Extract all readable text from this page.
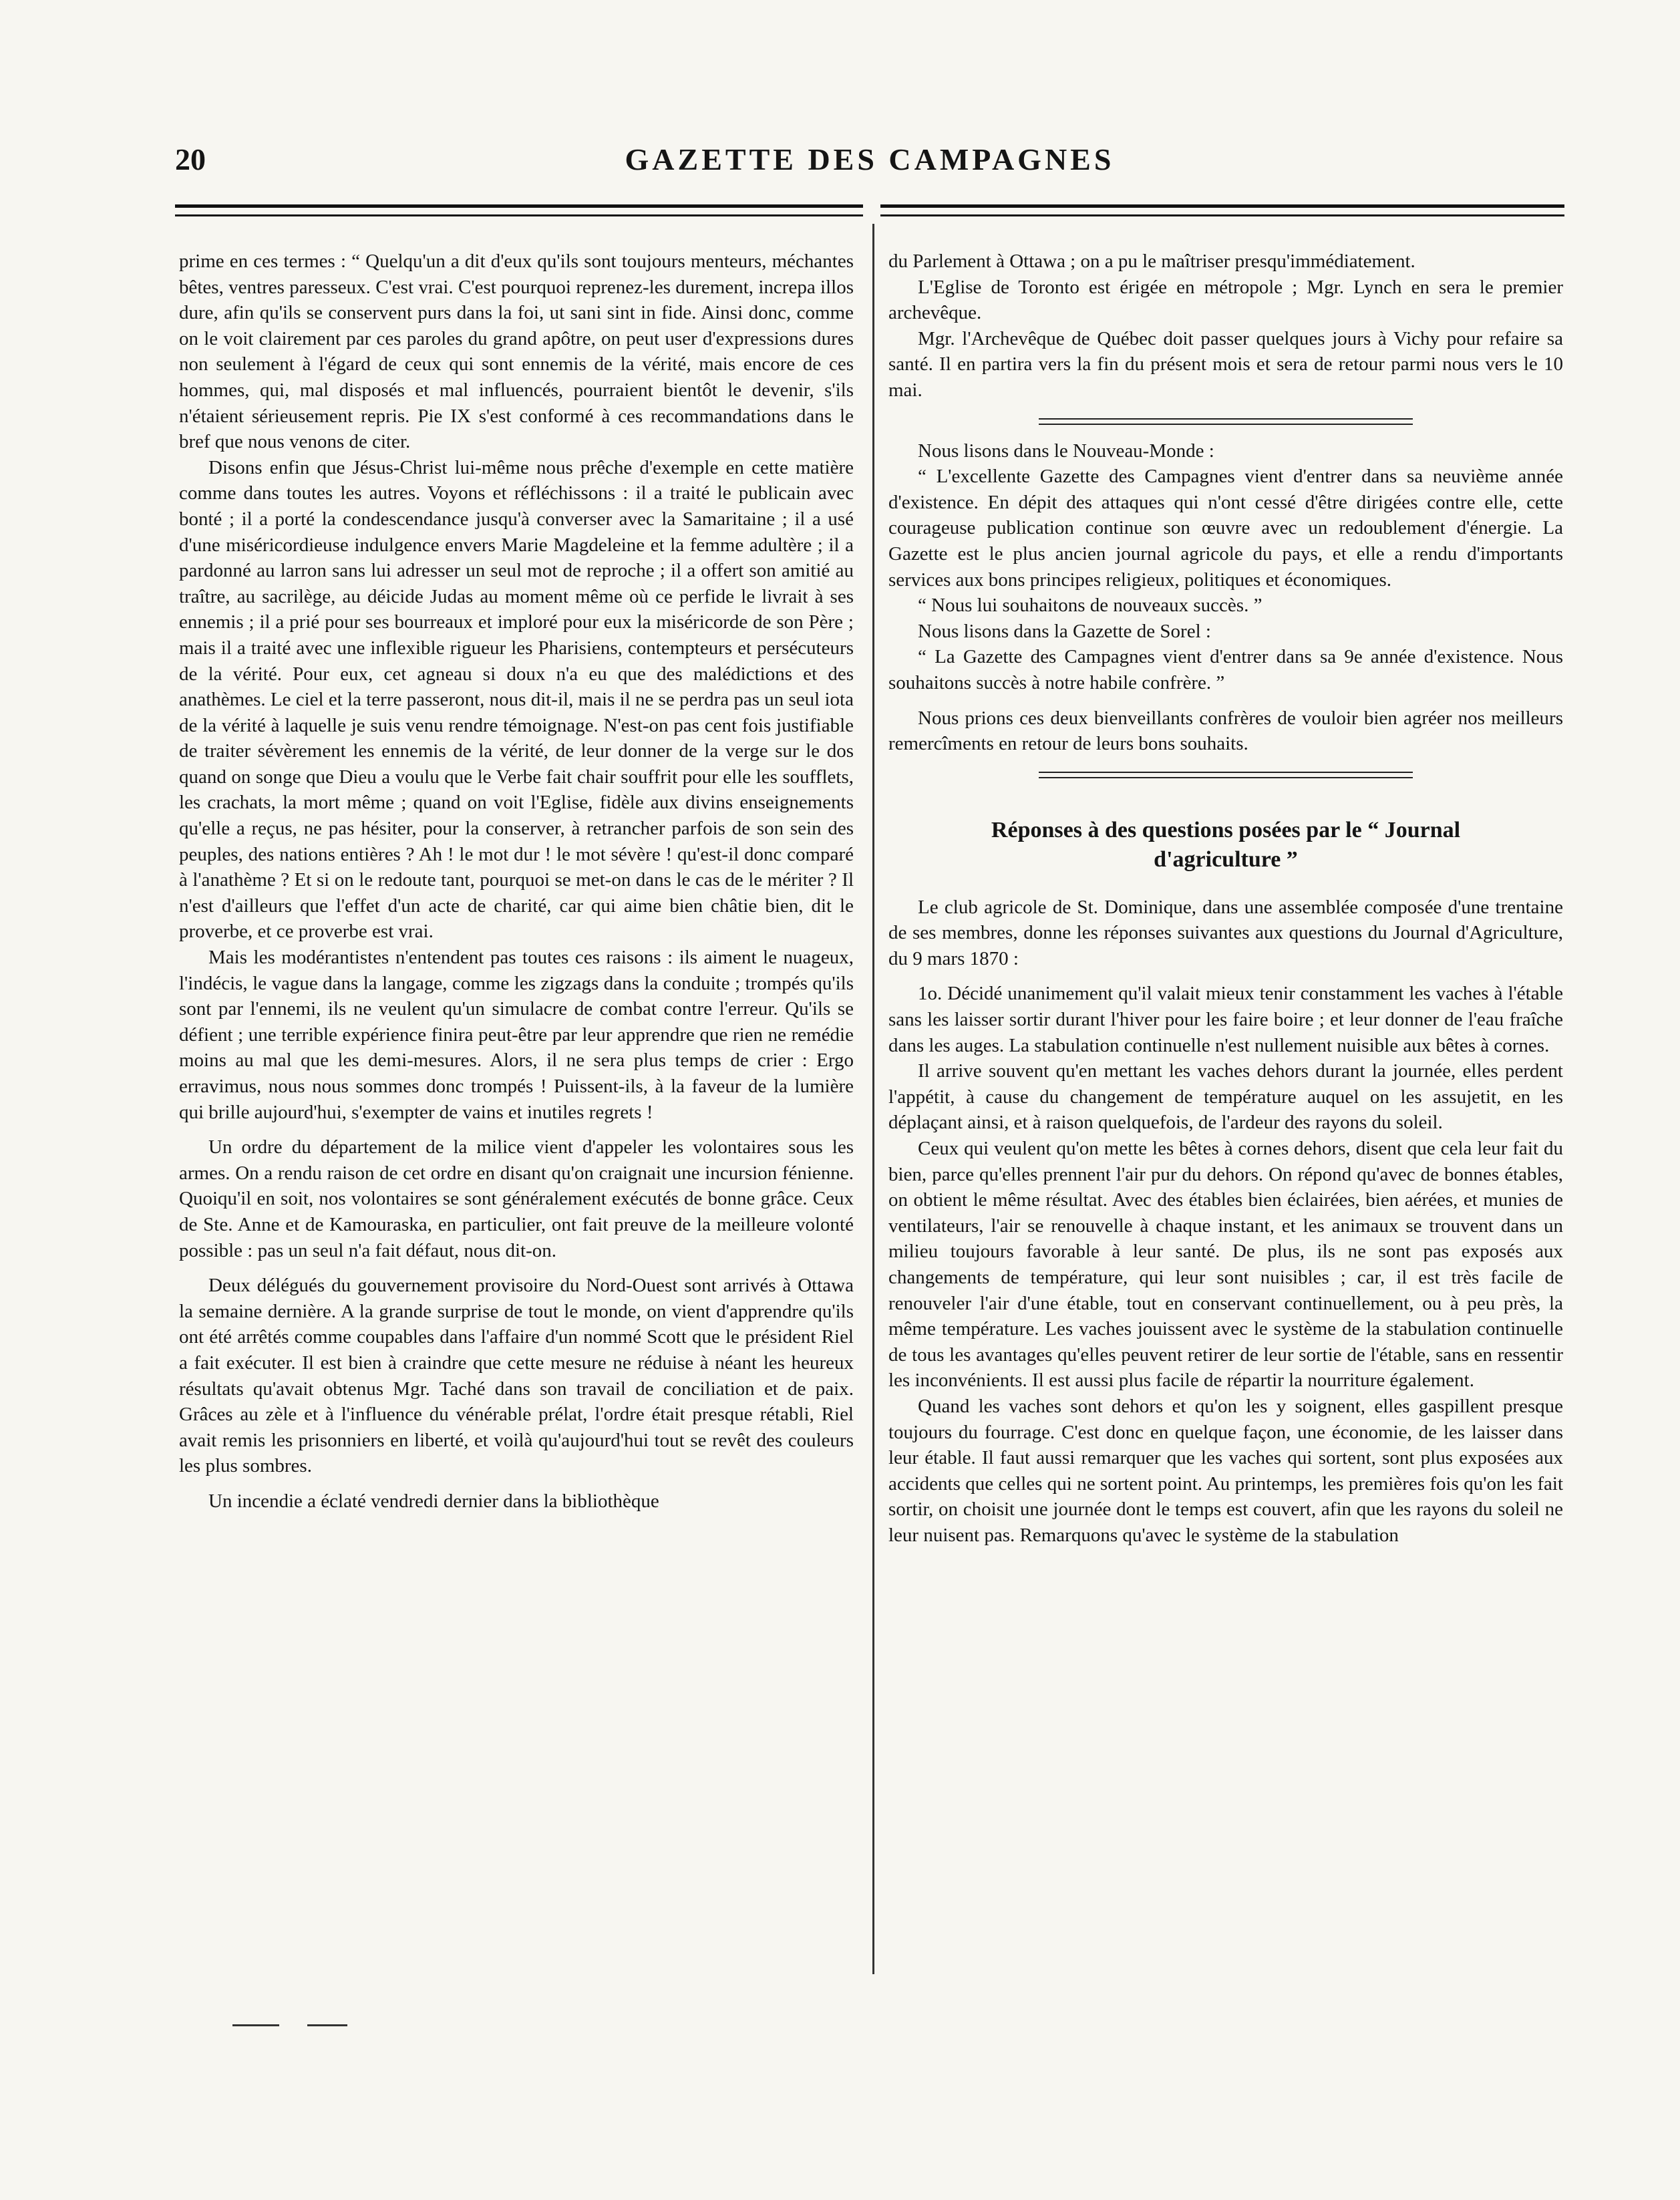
20	GAZETTE DES CAMPAGNES

prime en ces termes : “ Quelqu'un a dit d'eux qu'ils sont toujours menteurs, méchantes bêtes, ventres paresseux. C'est vrai. C'est pourquoi reprenez-les durement, increpa illos dure, afin qu'ils se conservent purs dans la foi, ut sani sint in fide. Ainsi donc, comme on le voit clairement par ces paroles du grand apôtre, on peut user d'expressions dures non seulement à l'égard de ceux qui sont ennemis de la vérité, mais encore de ces hommes, qui, mal disposés et mal influencés, pourraient bientôt le devenir, s'ils n'étaient sérieusement repris. Pie IX s'est conformé à ces recommandations dans le bref que nous venons de citer.

Disons enfin que Jésus-Christ lui-même nous prêche d'exemple en cette matière comme dans toutes les autres. Voyons et réfléchissons : il a traité le publicain avec bonté ; il a porté la condescendance jusqu'à converser avec la Samaritaine ; il a usé d'une miséricordieuse indulgence envers Marie Magdeleine et la femme adultère ; il a pardonné au larron sans lui adresser un seul mot de reproche ; il a offert son amitié au traître, au sacrilège, au déicide Judas au moment même où ce perfide le livrait à ses ennemis ; il a prié pour ses bourreaux et imploré pour eux la miséricorde de son Père ; mais il a traité avec une inflexible rigueur les Pharisiens, contempteurs et persécuteurs de la vérité. Pour eux, cet agneau si doux n'a eu que des malédictions et des anathèmes. Le ciel et la terre passeront, nous dit-il, mais il ne se perdra pas un seul iota de la vérité à laquelle je suis venu rendre témoignage. N'est-on pas cent fois justifiable de traiter sévèrement les ennemis de la vérité, de leur donner de la verge sur le dos quand on songe que Dieu a voulu que le Verbe fait chair souffrit pour elle les soufflets, les crachats, la mort même ; quand on voit l'Eglise, fidèle aux divins enseignements qu'elle a reçus, ne pas hésiter, pour la conserver, à retrancher parfois de son sein des peuples, des nations entières ? Ah ! le mot dur ! le mot sévère ! qu'est-il donc comparé à l'anathème ? Et si on le redoute tant, pourquoi se met-on dans le cas de le mériter ? Il n'est d'ailleurs que l'effet d'un acte de charité, car qui aime bien châtie bien, dit le proverbe, et ce proverbe est vrai.

Mais les modérantistes n'entendent pas toutes ces raisons : ils aiment le nuageux, l'indécis, le vague dans la langage, comme les zigzags dans la conduite ; trompés qu'ils sont par l'ennemi, ils ne veulent qu'un simulacre de combat contre l'erreur. Qu'ils se défient ; une terrible expérience finira peut-être par leur apprendre que rien ne remédie moins au mal que les demi-mesures. Alors, il ne sera plus temps de crier : Ergo erravimus, nous nous sommes donc trompés ! Puissent-ils, à la faveur de la lumière qui brille aujourd'hui, s'exempter de vains et inutiles regrets !

Un ordre du département de la milice vient d'appeler les volontaires sous les armes. On a rendu raison de cet ordre en disant qu'on craignait une incursion fénienne. Quoiqu'il en soit, nos volontaires se sont généralement exécutés de bonne grâce. Ceux de Ste. Anne et de Kamouraska, en particulier, ont fait preuve de la meilleure volonté possible : pas un seul n'a fait défaut, nous dit-on.

Deux délégués du gouvernement provisoire du Nord-Ouest sont arrivés à Ottawa la semaine dernière. A la grande surprise de tout le monde, on vient d'apprendre qu'ils ont été arrêtés comme coupables dans l'affaire d'un nommé Scott que le président Riel a fait exécuter. Il est bien à craindre que cette mesure ne réduise à néant les heureux résultats qu'avait obtenus Mgr. Taché dans son travail de conciliation et de paix. Grâces au zèle et à l'influence du vénérable prélat, l'ordre était presque rétabli, Riel avait remis les prisonniers en liberté, et voilà qu'aujourd'hui tout se revêt des couleurs les plus sombres.

Un incendie a éclaté vendredi dernier dans la bibliothèque

du Parlement à Ottawa ; on a pu le maîtriser presqu'immédiatement.

L'Eglise de Toronto est érigée en métropole ; Mgr. Lynch en sera le premier archevêque.

Mgr. l'Archevêque de Québec doit passer quelques jours à Vichy pour refaire sa santé. Il en partira vers la fin du présent mois et sera de retour parmi nous vers le 10 mai.

Nous lisons dans le Nouveau-Monde :

“ L'excellente Gazette des Campagnes vient d'entrer dans sa neuvième année d'existence. En dépit des attaques qui n'ont cessé d'être dirigées contre elle, cette courageuse publication continue son œuvre avec un redoublement d'énergie. La Gazette est le plus ancien journal agricole du pays, et elle a rendu d'importants services aux bons principes religieux, politiques et économiques.

“ Nous lui souhaitons de nouveaux succès. ”

Nous lisons dans la Gazette de Sorel :

“ La Gazette des Campagnes vient d'entrer dans sa 9e année d'existence. Nous souhaitons succès à notre habile confrère. ”

Nous prions ces deux bienveillants confrères de vouloir bien agréer nos meilleurs remercîments en retour de leurs bons souhaits.

Réponses à des questions posées par le “ Journal
d'agriculture ”

Le club agricole de St. Dominique, dans une assemblée composée d'une trentaine de ses membres, donne les réponses suivantes aux questions du Journal d'Agriculture, du 9 mars 1870 :

1o. Décidé unanimement qu'il valait mieux tenir constamment les vaches à l'étable sans les laisser sortir durant l'hiver pour les faire boire ; et leur donner de l'eau fraîche dans les auges. La stabulation continuelle n'est nullement nuisible aux bêtes à cornes.

Il arrive souvent qu'en mettant les vaches dehors durant la journée, elles perdent l'appétit, à cause du changement de température auquel on les assujetit, en les déplaçant ainsi, et à raison quelquefois, de l'ardeur des rayons du soleil.

Ceux qui veulent qu'on mette les bêtes à cornes dehors, disent que cela leur fait du bien, parce qu'elles prennent l'air pur du dehors. On répond qu'avec de bonnes étables, on obtient le même résultat. Avec des étables bien éclairées, bien aérées, et munies de ventilateurs, l'air se renouvelle à chaque instant, et les animaux se trouvent dans un milieu toujours favorable à leur santé. De plus, ils ne sont pas exposés aux changements de température, qui leur sont nuisibles ; car, il est très facile de renouveler l'air d'une étable, tout en conservant continuellement, ou à peu près, la même température. Les vaches jouissent avec le système de la stabulation continuelle de tous les avantages qu'elles peuvent retirer de leur sortie de l'étable, sans en ressentir les inconvénients. Il est aussi plus facile de répartir la nourriture également.

Quand les vaches sont dehors et qu'on les y soignent, elles gaspillent presque toujours du fourrage. C'est donc en quelque façon, une économie, de les laisser dans leur étable. Il faut aussi remarquer que les vaches qui sortent, sont plus exposées aux accidents que celles qui ne sortent point. Au printemps, les premières fois qu'on les fait sortir, on choisit une journée dont le temps est couvert, afin que les rayons du soleil ne leur nuisent pas. Remarquons qu'avec le système de la stabulation
